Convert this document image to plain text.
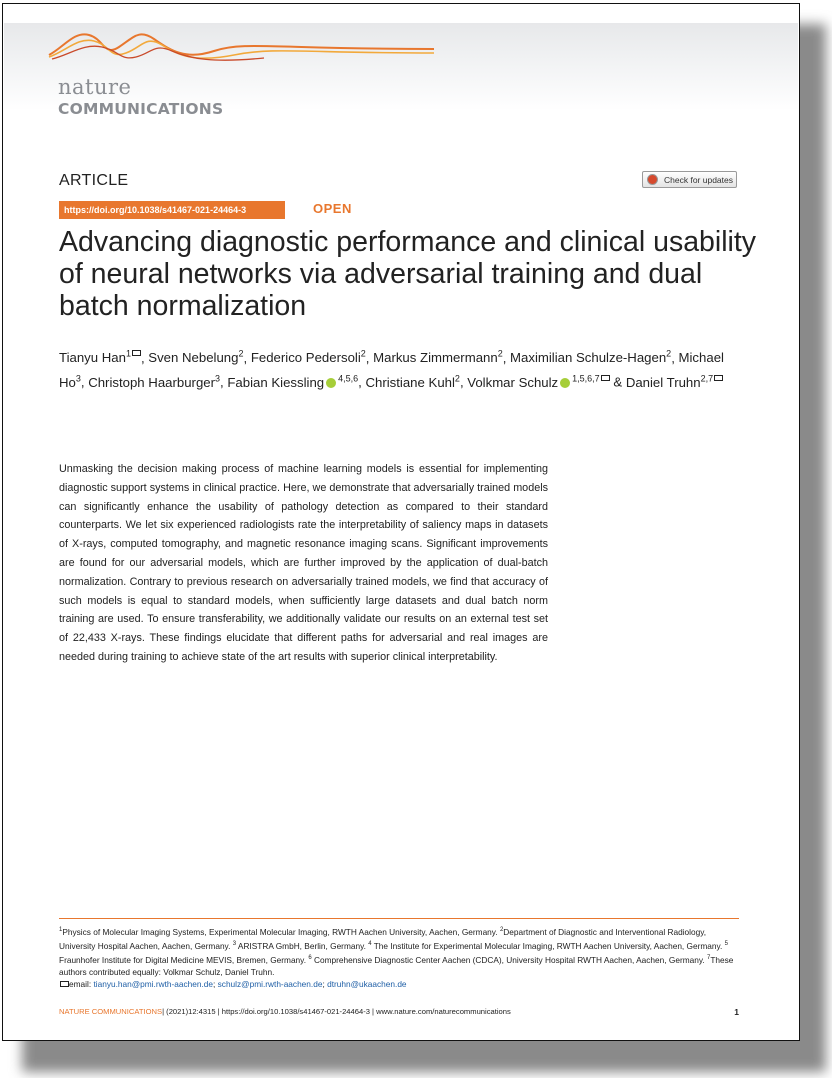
nature
COMMUNICATIONS
ARTICLE	Check for updates
https://doi.org/10.1038/s41467-021-24464-3	OPEN
Advancing diagnostic performance and clinical usability of neural networks via adversarial training and dual batch normalization
Tianyu Han$^1$ , Sven Nebelung$^2$, Federico Pedersoli$^2$, Markus Zimmermann$^2$, Maximilian Schulze-Hagen$^2$, Michael Ho$^3$, Christoph Haarburger$^3$, Fabian Kiessling $^{4,5,6}$, Christiane Kuhl$^2$, Volkmar Schulz $^{1,5,6,7}$ & Daniel Truhn$^{2,7}$

Unmasking the decision making process of machine learning models is essential for implementing diagnostic support systems in clinical practice. Here, we demonstrate that adversarially trained models can significantly enhance the usability of pathology detection as compared to their standard counterparts. We let six experienced radiologists rate the interpretability of saliency maps in datasets of X-rays, computed tomography, and magnetic resonance imaging scans. Significant improvements are found for our adversarial models, which are further improved by the application of dual-batch normalization. Contrary to previous research on adversarially trained models, we find that accuracy of such models is equal to standard models, when sufficiently large datasets and dual batch norm training are used. To ensure transferability, we additionally validate our results on an external test set of 22,433 X-rays. These findings elucidate that different paths for adversarial and real images are needed during training to achieve state of the art results with superior clinical interpretability.

$^1$Physics of Molecular Imaging Systems, Experimental Molecular Imaging, RWTH Aachen University, Aachen, Germany. $^2$Department of Diagnostic and Interventional Radiology, University Hospital Aachen, Aachen, Germany. $^3$ ARISTRA GmbH, Berlin, Germany. $^4$ The Institute for Experimental Molecular Imaging, RWTH Aachen University, Aachen, Germany. $^5$ Fraunhofer Institute for Digital Medicine MEVIS, Bremen, Germany. $^6$ Comprehensive Diagnostic Center Aachen (CDCA), University Hospital RWTH Aachen, Aachen, Germany. $^7$These authors contributed equally: Volkmar Schulz, Daniel Truhn.
email: tianyu.han@pmi.rwth-aachen.de; schulz@pmi.rwth-aachen.de; dtruhn@ukaachen.de
NATURE COMMUNICATIONS| (2021)12:4315 | https://doi.org/10.1038/s41467-021-24464-3 | www.nature.com/naturecommunications	1
